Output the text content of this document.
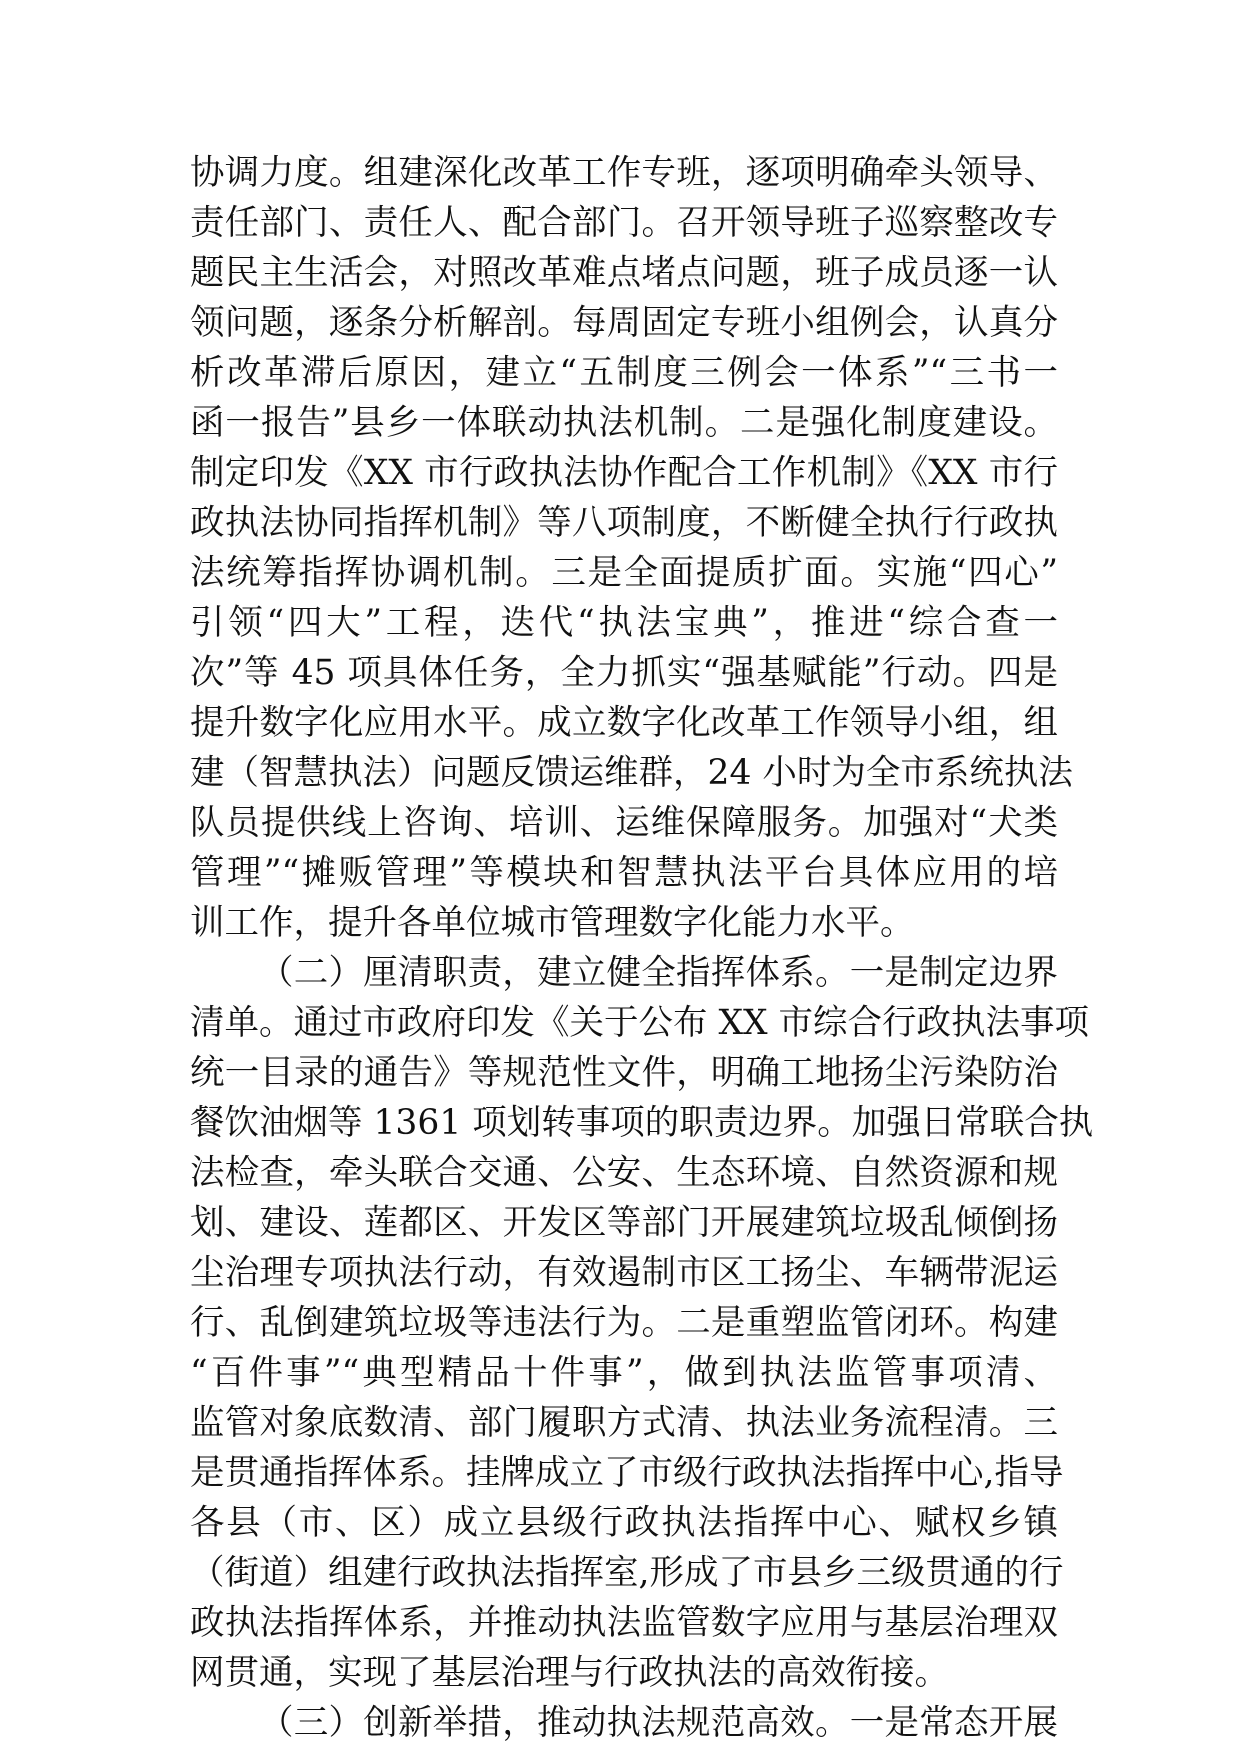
协调力度。组建深化改革工作专班，逐项明确牵头领导、
责任部门、责任人、配合部门。召开领导班子巡察整改专
题民主生活会，对照改革难点堵点问题，班子成员逐一认
领问题，逐条分析解剖。每周固定专班小组例会，认真分
析改革滞后原因，建立“五制度三例会一体系”“三书一
函一报告”县乡一体联动执法机制。二是强化制度建设。
制定印发《XX 市行政执法协作配合工作机制》《XX 市行
政执法协同指挥机制》等八项制度，不断健全执行行政执
法统筹指挥协调机制。三是全面提质扩面。实施“四心”
引领“四大”工程，迭代“执法宝典”，推进“综合查一
次”等 45 项具体任务，全力抓实“强基赋能”行动。四是
提升数字化应用水平。成立数字化改革工作领导小组，组
建（智慧执法）问题反馈运维群，24 小时为全市系统执法
队员提供线上咨询、培训、运维保障服务。加强对“犬类
管理”“摊贩管理”等模块和智慧执法平台具体应用的培
训工作，提升各单位城市管理数字化能力水平。
（二）厘清职责，建立健全指挥体系。一是制定边界
清单。通过市政府印发《关于公布 XX 市综合行政执法事项
统一目录的通告》等规范性文件，明确工地扬尘污染防治
餐饮油烟等 1361 项划转事项的职责边界。加强日常联合执
法检查，牵头联合交通、公安、生态环境、自然资源和规
划、建设、莲都区、开发区等部门开展建筑垃圾乱倾倒扬
尘治理专项执法行动，有效遏制市区工扬尘、车辆带泥运
行、乱倒建筑垃圾等违法行为。二是重塑监管闭环。构建
“百件事”“典型精品十件事”，做到执法监管事项清、
监管对象底数清、部门履职方式清、执法业务流程清。三
是贯通指挥体系。挂牌成立了市级行政执法指挥中心,指导
各县（市、区）成立县级行政执法指挥中心、赋权乡镇
（街道）组建行政执法指挥室,形成了市县乡三级贯通的行
政执法指挥体系，并推动执法监管数字应用与基层治理双
网贯通，实现了基层治理与行政执法的高效衔接。
（三）创新举措，推动执法规范高效。一是常态开展
